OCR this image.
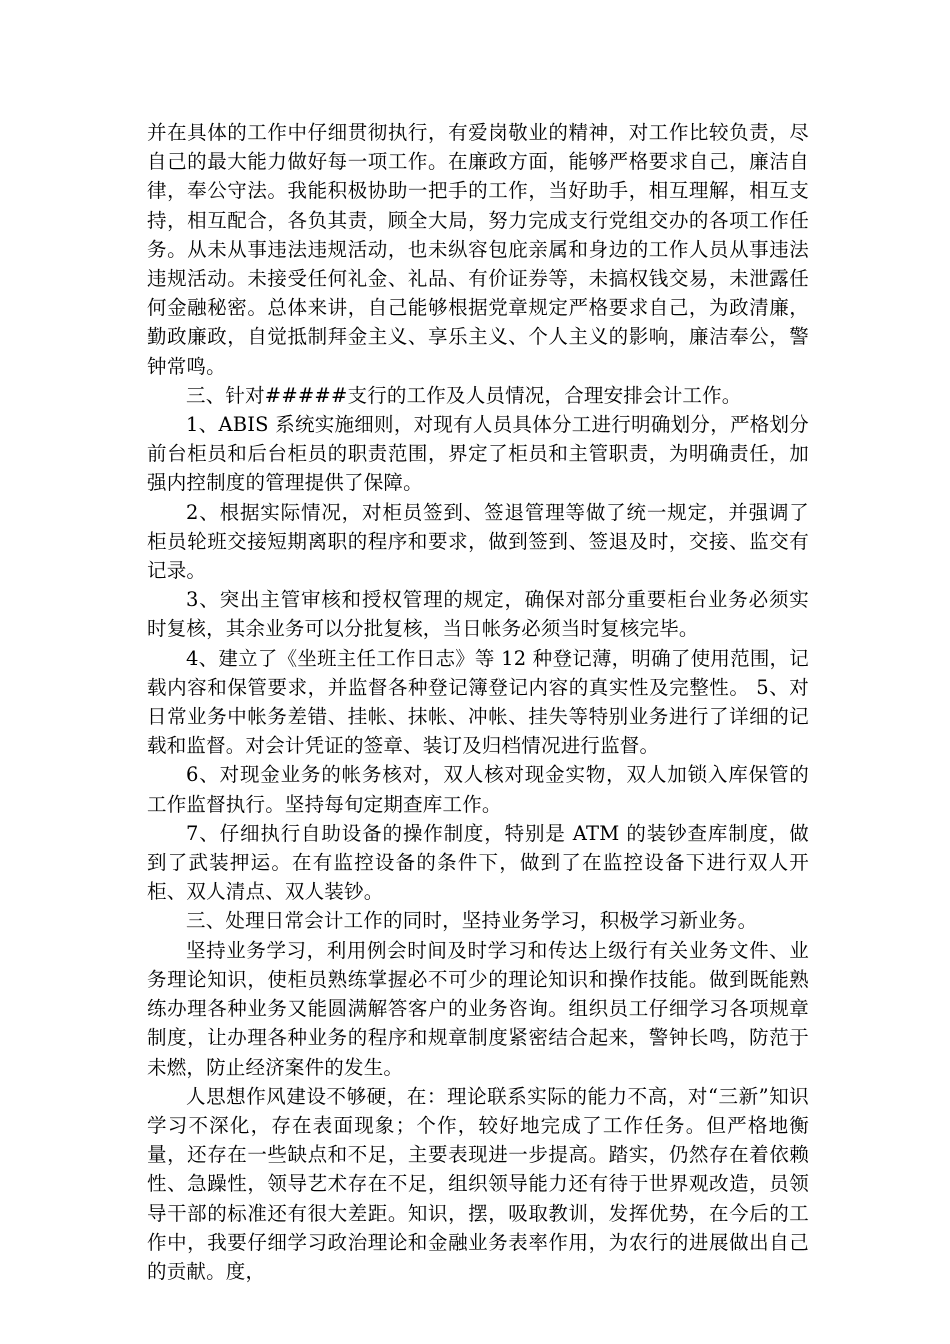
并在具体的工作中仔细贯彻执行，有爱岗敬业的精神，对工作比较负责，尽自己的最大能力做好每一项工作。在廉政方面，能够严格要求自己，廉洁自律，奉公守法。我能积极协助一把手的工作，当好助手，相互理解，相互支持，相互配合，各负其责，顾全大局，努力完成支行党组交办的各项工作任务。从未从事违法违规活动，也未纵容包庇亲属和身边的工作人员从事违法违规活动。未接受任何礼金、礼品、有价证券等，未搞权钱交易，未泄露任何金融秘密。总体来讲，自己能够根据党章规定严格要求自己，为政清廉，勤政廉政，自觉抵制拜金主义、享乐主义、个人主义的影响，廉洁奉公，警钟常鸣。

三、针对#####支行的工作及人员情况，合理安排会计工作。

1、ABIS 系统实施细则，对现有人员具体分工进行明确划分，严格划分前台柜员和后台柜员的职责范围，界定了柜员和主管职责，为明确责任，加强内控制度的管理提供了保障。

2、根据实际情况，对柜员签到、签退管理等做了统一规定，并强调了柜员轮班交接短期离职的程序和要求，做到签到、签退及时，交接、监交有记录。

3、突出主管审核和授权管理的规定，确保对部分重要柜台业务必须实时复核，其余业务可以分批复核，当日帐务必须当时复核完毕。

4、建立了《坐班主任工作日志》等 12 种登记薄，明确了使用范围，记载内容和保管要求，并监督各种登记簿登记内容的真实性及完整性。 5、对日常业务中帐务差错、挂帐、抹帐、冲帐、挂失等特别业务进行了详细的记载和监督。对会计凭证的签章、装订及归档情况进行监督。

6、对现金业务的帐务核对，双人核对现金实物，双人加锁入库保管的工作监督执行。坚持每旬定期查库工作。

7、仔细执行自助设备的操作制度，特别是 ATM 的装钞查库制度，做到了武装押运。在有监控设备的条件下，做到了在监控设备下进行双人开柜、双人清点、双人装钞。

三、处理日常会计工作的同时，坚持业务学习，积极学习新业务。

坚持业务学习，利用例会时间及时学习和传达上级行有关业务文件、业务理论知识，使柜员熟练掌握必不可少的理论知识和操作技能。做到既能熟练办理各种业务又能圆满解答客户的业务咨询。组织员工仔细学习各项规章制度，让办理各种业务的程序和规章制度紧密结合起来，警钟长鸣，防范于未燃，防止经济案件的发生。

人思想作风建设不够硬，在：理论联系实际的能力不高，对“三新”知识学习不深化，存在表面现象；个作，较好地完成了工作任务。但严格地衡量，还存在一些缺点和不足，主要表现进一步提高。踏实，仍然存在着依赖性、急躁性，领导艺术存在不足，组织领导能力还有待于世界观改造，员领导干部的标准还有很大差距。知识，摆，吸取教训，发挥优势，在今后的工作中，我要仔细学习政治理论和金融业务表率作用，为农行的进展做出自己的贡献。度，
